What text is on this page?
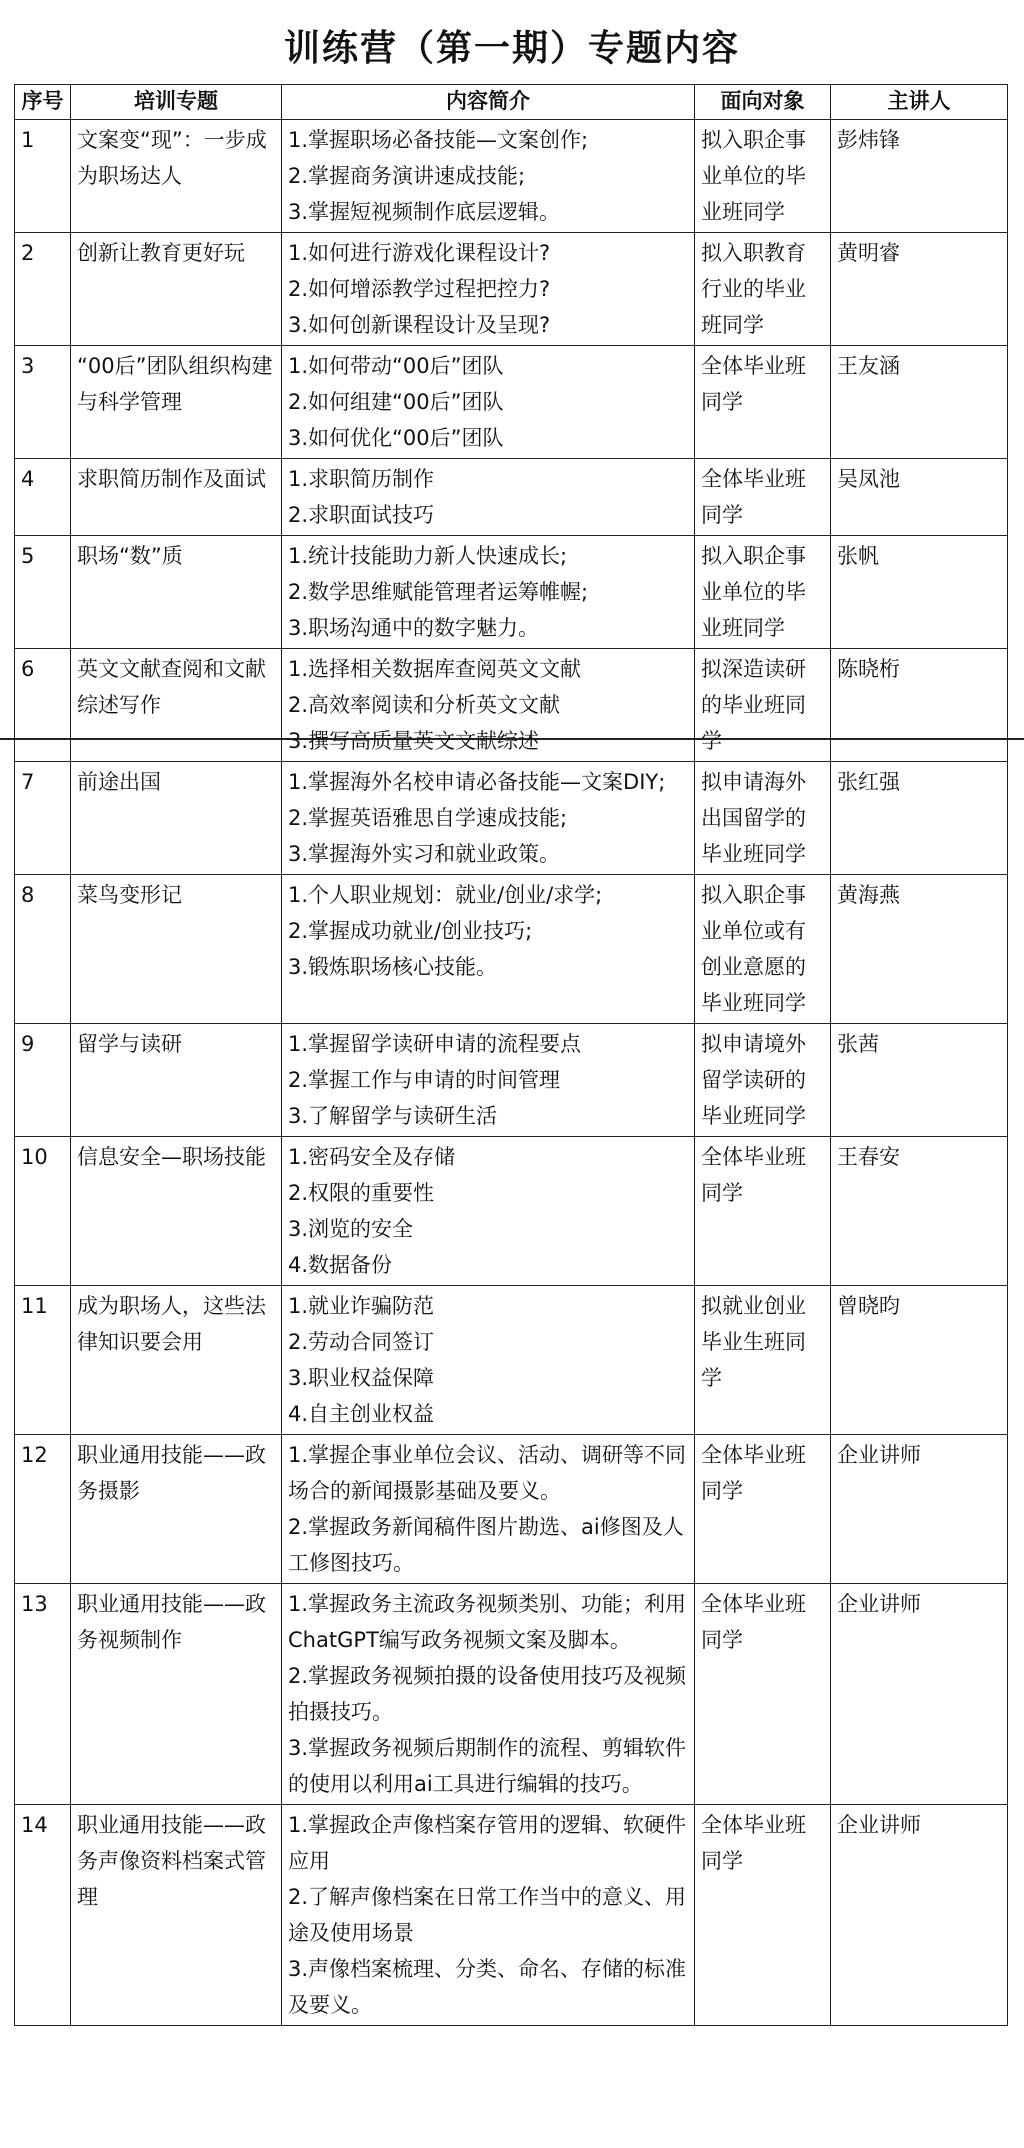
训练营（第一期）专题内容
序号	培训专题	内容简介	面向对象	主讲人
1	文案变“现”：一步成为职场达人	1.掌握职场必备技能—文案创作;
2.掌握商务演讲速成技能;
3.掌握短视频制作底层逻辑。	拟入职企事业单位的毕业班同学	彭炜锋
2	创新让教育更好玩	1.如何进行游戏化课程设计?
2.如何增添教学过程把控力?
3.如何创新课程设计及呈现?	拟入职教育行业的毕业班同学	黄明睿
3	“00后”团队组织构建与科学管理	1.如何带动“00后”团队
2.如何组建“00后”团队
3.如何优化“00后”团队	全体毕业班同学	王友涵
4	求职简历制作及面试	1.求职简历制作
2.求职面试技巧	全体毕业班同学	吴凤池
5	职场“数”质	1.统计技能助力新人快速成长;
2.数学思维赋能管理者运筹帷幄;
3.职场沟通中的数字魅力。	拟入职企事业单位的毕业班同学	张帆
6	英文文献查阅和文献综述写作	1.选择相关数据库查阅英文文献
2.高效率阅读和分析英文文献
3.撰写高质量英文文献综述	拟深造读研的毕业班同学	陈晓桁
7	前途出国	1.掌握海外名校申请必备技能—文案DIY;
2.掌握英语雅思自学速成技能;
3.掌握海外实习和就业政策。	拟申请海外出国留学的毕业班同学	张红强
8	菜鸟变形记	1.个人职业规划：就业/创业/求学;
2.掌握成功就业/创业技巧;
3.锻炼职场核心技能。	拟入职企事业单位或有创业意愿的毕业班同学	黄海燕
9	留学与读研	1.掌握留学读研申请的流程要点
2.掌握工作与申请的时间管理
3.了解留学与读研生活	拟申请境外留学读研的毕业班同学	张茜
10	信息安全—职场技能	1.密码安全及存储
2.权限的重要性
3.浏览的安全
4.数据备份	全体毕业班同学	王春安
11	成为职场人，这些法律知识要会用	1.就业诈骗防范
2.劳动合同签订
3.职业权益保障
4.自主创业权益	拟就业创业毕业生班同学	曾晓昀
12	职业通用技能——政务摄影	1.掌握企事业单位会议、活动、调研等不同场合的新闻摄影基础及要义。
2.掌握政务新闻稿件图片勘选、ai修图及人工修图技巧。	全体毕业班同学	企业讲师
13	职业通用技能——政务视频制作	1.掌握政务主流政务视频类别、功能；利用ChatGPT编写政务视频文案及脚本。
2.掌握政务视频拍摄的设备使用技巧及视频拍摄技巧。
3.掌握政务视频后期制作的流程、剪辑软件的使用以利用ai工具进行编辑的技巧。	全体毕业班同学	企业讲师
14	职业通用技能——政务声像资料档案式管理	1.掌握政企声像档案存管用的逻辑、软硬件应用
2.了解声像档案在日常工作当中的意义、用途及使用场景
3.声像档案梳理、分类、命名、存储的标准及要义。	全体毕业班同学	企业讲师
